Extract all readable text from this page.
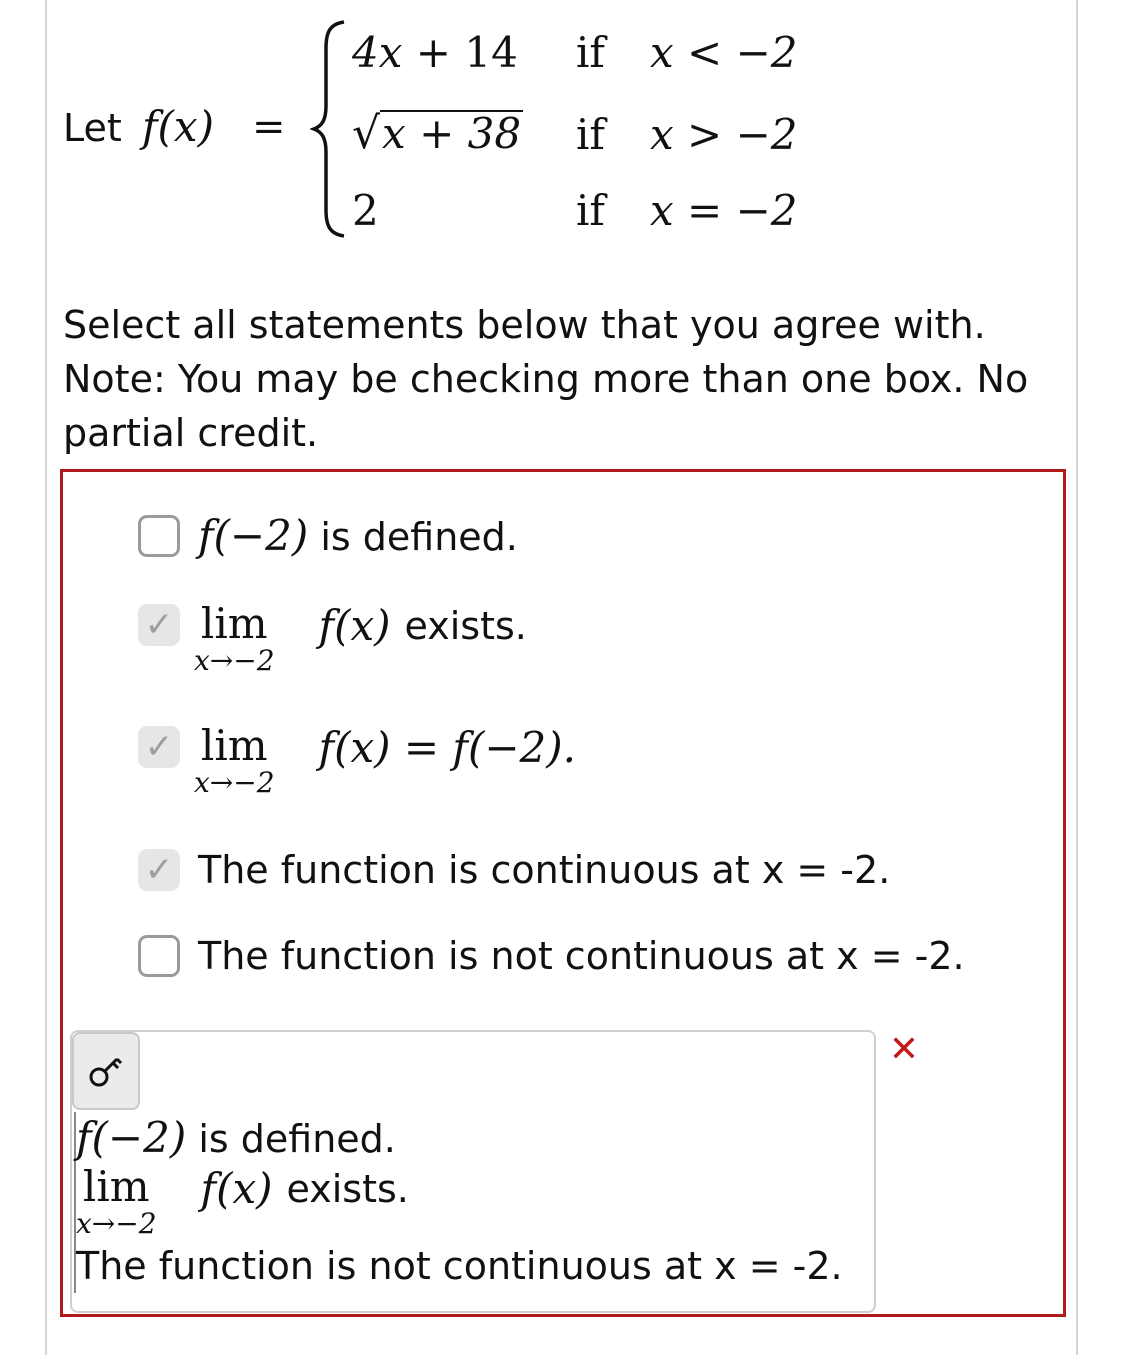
Let f(x) =
4x + 14 if x < −2
√ x + 38 if x > −2
2	if x = −2
Select all statements below that you agree with.
Note: You may be checking more than one box. No
partial credit.
f(−2) is defined.
✓ lim
x→−2
f(x) exists.
✓ lim
x→−2
f(x) = f(−2).
✓ The function is continuous at x = -2.
The function is not continuous at x = -2.
f(−2) is defined.
lim
x→−2
f(x) exists.
The function is not continuous at x = -2.
✕
